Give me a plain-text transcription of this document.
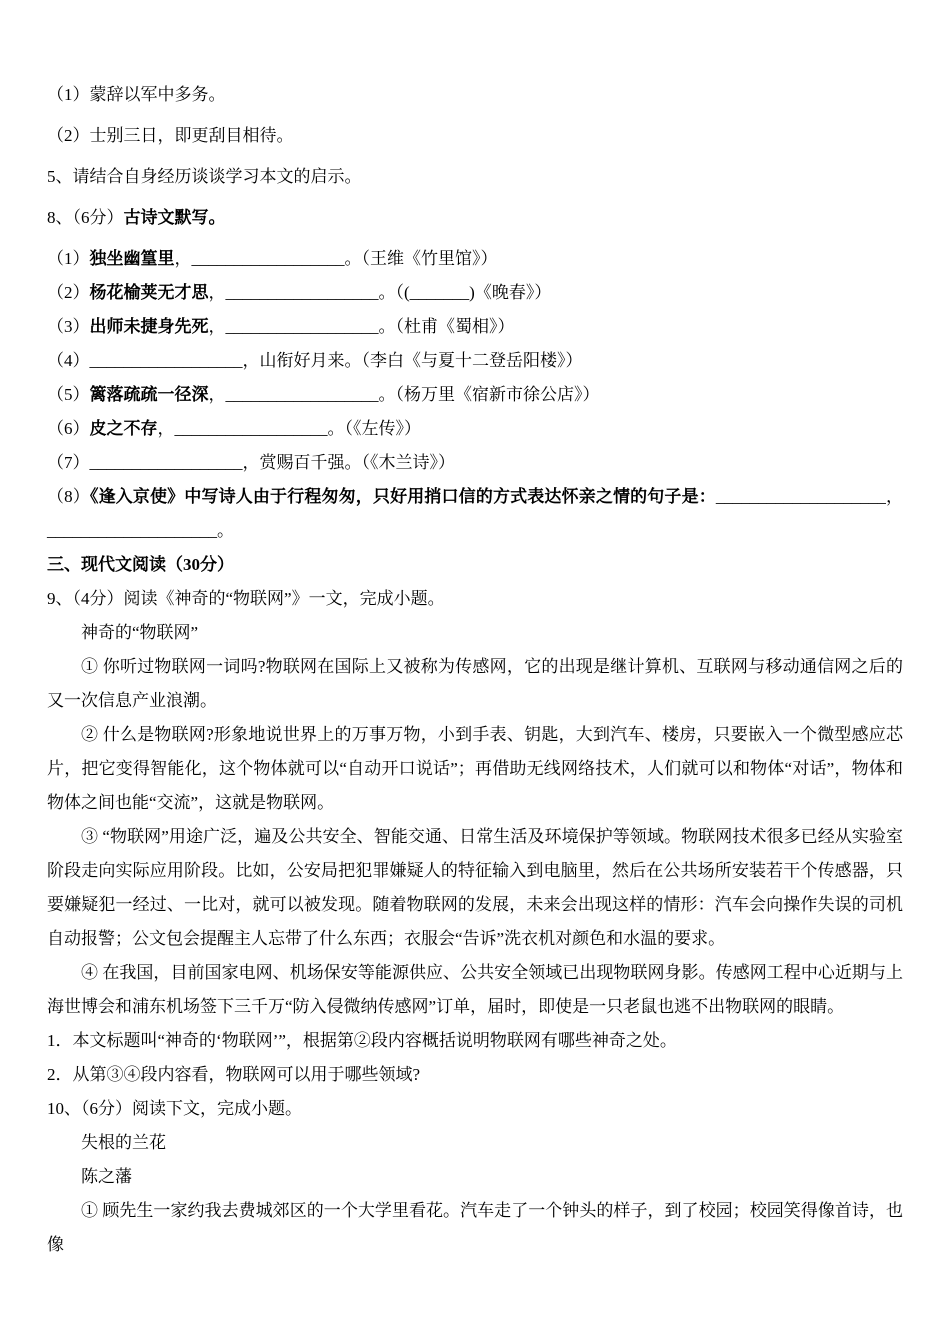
（1）蒙辞以军中多务。
（2）士别三日，即更刮目相待。
5、请结合自身经历谈谈学习本文的启示。
8、（6分）古诗文默写。
（1）独坐幽篁里，__________________。（王维《竹里馆》）
（2）杨花榆荚无才思，__________________。（(_______)《晚春》）
（3）出师未捷身先死，__________________。（杜甫《蜀相》）
（4）__________________，山衔好月来。（李白《与夏十二登岳阳楼》）
（5）篱落疏疏一径深，__________________。（杨万里《宿新市徐公店》）
（6）皮之不存，__________________。（《左传》）
（7）__________________，赏赐百千强。（《木兰诗》）
（8）《逢入京使》中写诗人由于行程匆匆，只好用捎口信的方式表达怀亲之情的句子是：____________________，____________________。
三、现代文阅读（30分）
9、（4分）阅读《神奇的“物联网”》一文，完成小题。
神奇的“物联网”
① 你听过物联网一词吗?物联网在国际上又被称为传感网，它的出现是继计算机、互联网与移动通信网之后的又一次信息产业浪潮。
② 什么是物联网?形象地说世界上的万事万物，小到手表、钥匙，大到汽车、楼房，只要嵌入一个微型感应芯片，把它变得智能化，这个物体就可以“自动开口说话”；再借助无线网络技术，人们就可以和物体“对话”，物体和物体之间也能“交流”，这就是物联网。
③ “物联网”用途广泛，遍及公共安全、智能交通、日常生活及环境保护等领域。物联网技术很多已经从实验室阶段走向实际应用阶段。比如，公安局把犯罪嫌疑人的特征输入到电脑里，然后在公共场所安装若干个传感器，只要嫌疑犯一经过、一比对，就可以被发现。随着物联网的发展，未来会出现这样的情形：汽车会向操作失误的司机自动报警；公文包会提醒主人忘带了什么东西；衣服会“告诉”洗衣机对颜色和水温的要求。
④ 在我国，目前国家电网、机场保安等能源供应、公共安全领域已出现物联网身影。传感网工程中心近期与上海世博会和浦东机场签下三千万“防入侵微纳传感网”订单，届时，即使是一只老鼠也逃不出物联网的眼睛。
1．本文标题叫“神奇的‘物联网’”，根据第②段内容概括说明物联网有哪些神奇之处。
2．从第③④段内容看，物联网可以用于哪些领域?
10、（6分）阅读下文，完成小题。
失根的兰花
陈之藩
① 顾先生一家约我去费城郊区的一个大学里看花。汽车走了一个钟头的样子，到了校园；校园笑得像首诗，也像
